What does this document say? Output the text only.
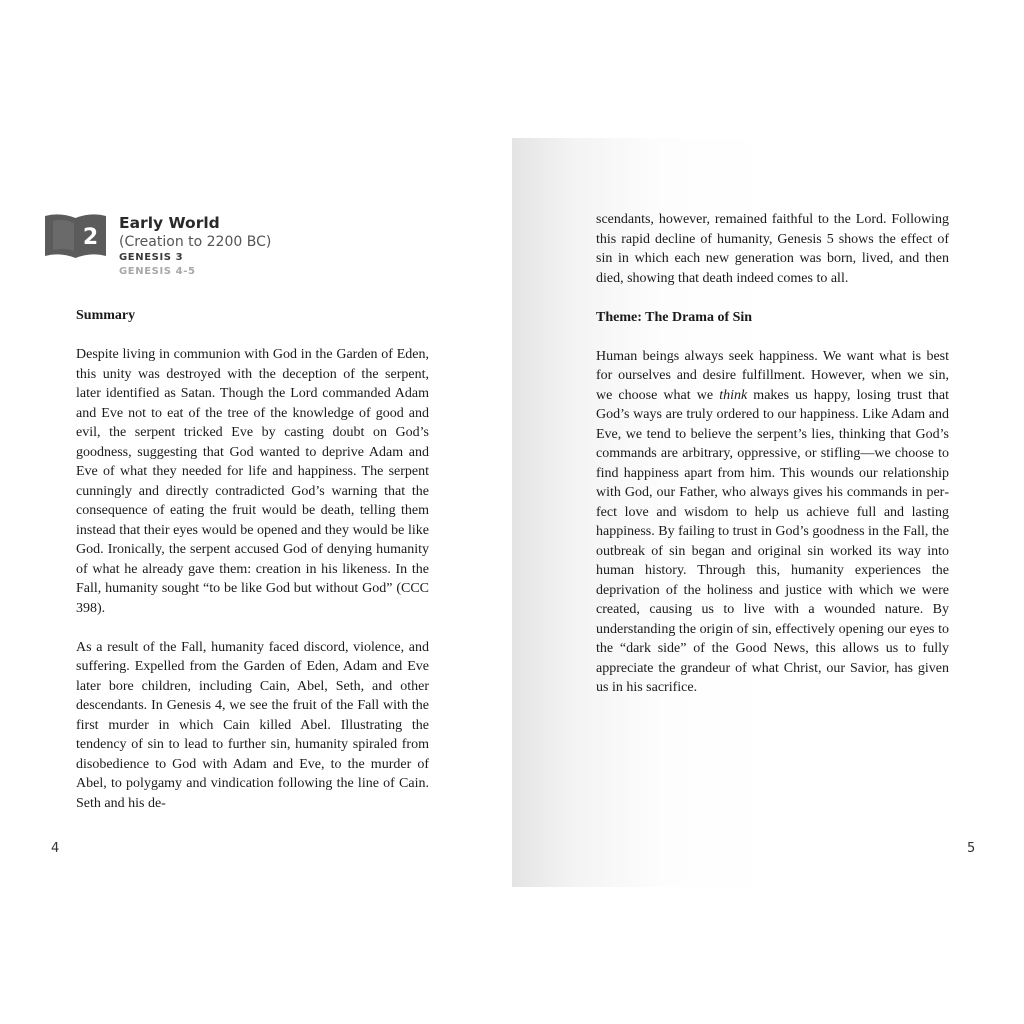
2
Early World
(Creation to 2200 BC)
GENESIS 3
GENESIS 4-5
Summary

Despite living in communion with God in the Garden of Eden, this unity was destroyed with the deception of the serpent, later identified as Satan. Though the Lord commanded Adam and Eve not to eat of the tree of the knowledge of good and evil, the serpent tricked Eve by casting doubt on God’s goodness, suggesting that God wanted to deprive Adam and Eve of what they needed for life and happiness. The serpent cunningly and directly contradicted God’s warning that the consequence of eating the fruit would be death, telling them instead that their eyes would be opened and they would be like God. Ironically, the serpent accused God of denying humanity of what he already gave them: creation in his likeness. In the Fall, humanity sought “to be like God but without God” (CCC 398).

As a result of the Fall, humanity faced discord, violence, and suffering. Expelled from the Garden of Eden, Adam and Eve later bore children, including Cain, Abel, Seth, and other descendants. In Genesis 4, we see the fruit of the Fall with the first murder in which Cain killed Abel. Illustrating the tendency of sin to lead to further sin, humanity spiraled from disobedience to God with Adam and Eve, to the murder of Abel, to polygamy and vindication following the line of Cain. Seth and his de-

scendants, however, remained faithful to the Lord. Following this rapid decline of humanity, Genesis 5 shows the effect of sin in which each new generation was born, lived, and then died, showing that death indeed comes to all.

Theme: The Drama of Sin

Human beings always seek happiness. We want what is best for ourselves and desire fulfillment. However, when we sin, we choose what we think makes us happy, losing trust that God’s ways are truly ordered to our happiness. Like Adam and Eve, we tend to believe the serpent’s lies, thinking that God’s commands are arbitrary, oppressive, or stifling—we choose to find happiness apart from him. This wounds our relationship with God, our Father, who always gives his commands in perfect love and wisdom to help us achieve full and lasting happiness. By failing to trust in God’s goodness in the Fall, the outbreak of sin began and original sin worked its way into human history. Through this, humanity experiences the deprivation of the holiness and justice with which we were created, causing us to live with a wounded nature. By understanding the origin of sin, effectively opening our eyes to the “dark side” of the Good News, this allows us to fully appreciate the grandeur of what Christ, our Savior, has given us in his sacrifice.

4	5
